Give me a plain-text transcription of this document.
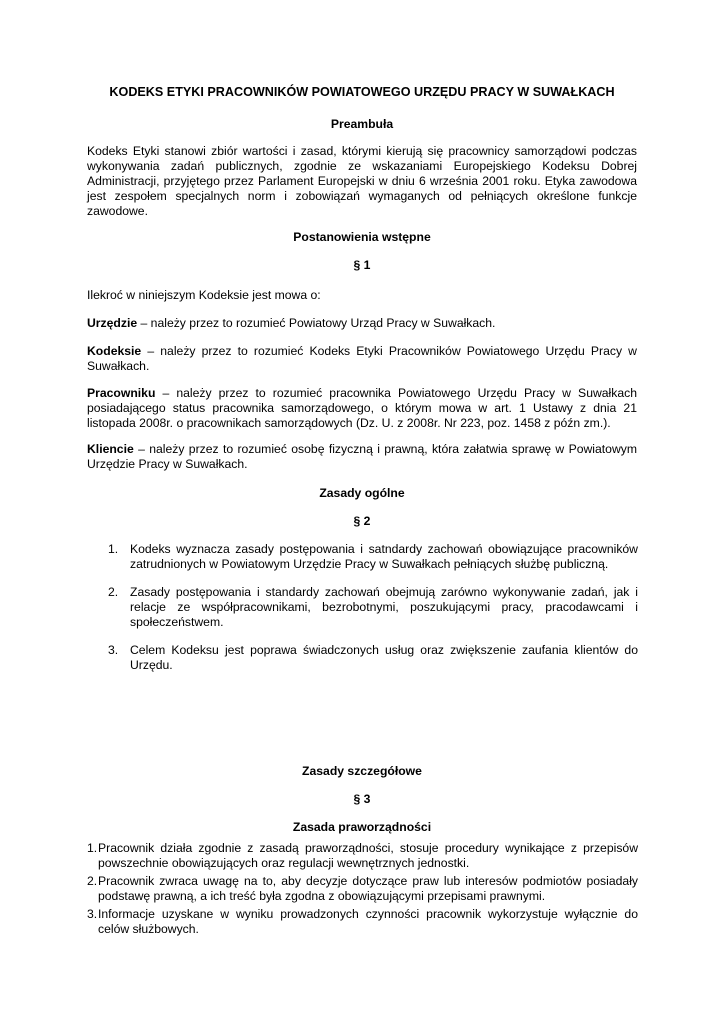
KODEKS ETYKI PRACOWNIKÓW POWIATOWEGO URZĘDU PRACY W SUWAŁKACH

Preambuła

Kodeks Etyki stanowi zbiór wartości i zasad, którymi kierują się pracownicy samorządowi podczas wykonywania zadań publicznych, zgodnie ze wskazaniami Europejskiego Kodeksu Dobrej Administracji, przyjętego przez Parlament Europejski w dniu 6 września 2001 roku. Etyka zawodowa jest zespołem specjalnych norm i zobowiązań wymaganych od pełniących określone funkcje zawodowe.

Postanowienia wstępne

§ 1

Ilekroć w niniejszym Kodeksie jest mowa o:

Urzędzie – należy przez to rozumieć Powiatowy Urząd Pracy w Suwałkach.

Kodeksie – należy przez to rozumieć Kodeks Etyki Pracowników Powiatowego Urzędu Pracy w Suwałkach.

Pracowniku – należy przez to rozumieć pracownika Powiatowego Urzędu Pracy w Suwałkach posiadającego status pracownika samorządowego, o którym mowa w art. 1 Ustawy z dnia 21 listopada 2008r. o pracownikach samorządowych (Dz. U. z 2008r. Nr 223, poz. 1458 z późn zm.).

Kliencie – należy przez to rozumieć osobę fizyczną i prawną, która załatwia sprawę w Powiatowym Urzędzie Pracy w Suwałkach.

Zasady ogólne

§ 2

1. Kodeks wyznacza zasady postępowania i satndardy zachowań obowiązujące pracowników zatrudnionych w Powiatowym Urzędzie Pracy w Suwałkach pełniących służbę publiczną.
2. Zasady postępowania i standardy zachowań obejmują zarówno wykonywanie zadań, jak i relacje ze współpracownikami, bezrobotnymi, poszukującymi pracy, pracodawcami i społeczeństwem.
3. Celem Kodeksu jest poprawa świadczonych usług oraz zwiększenie zaufania klientów do Urzędu.

Zasady szczegółowe

§ 3

Zasada praworządności

1. Pracownik działa zgodnie z zasadą praworządności, stosuje procedury wynikające z przepisów powszechnie obowiązujących oraz regulacji wewnętrznych jednostki.
2. Pracownik zwraca uwagę na to, aby decyzje dotyczące praw lub interesów podmiotów posiadały podstawę prawną, a ich treść była zgodna z obowiązującymi przepisami prawnymi.
3. Informacje uzyskane w wyniku prowadzonych czynności pracownik wykorzystuje wyłącznie do celów służbowych.
